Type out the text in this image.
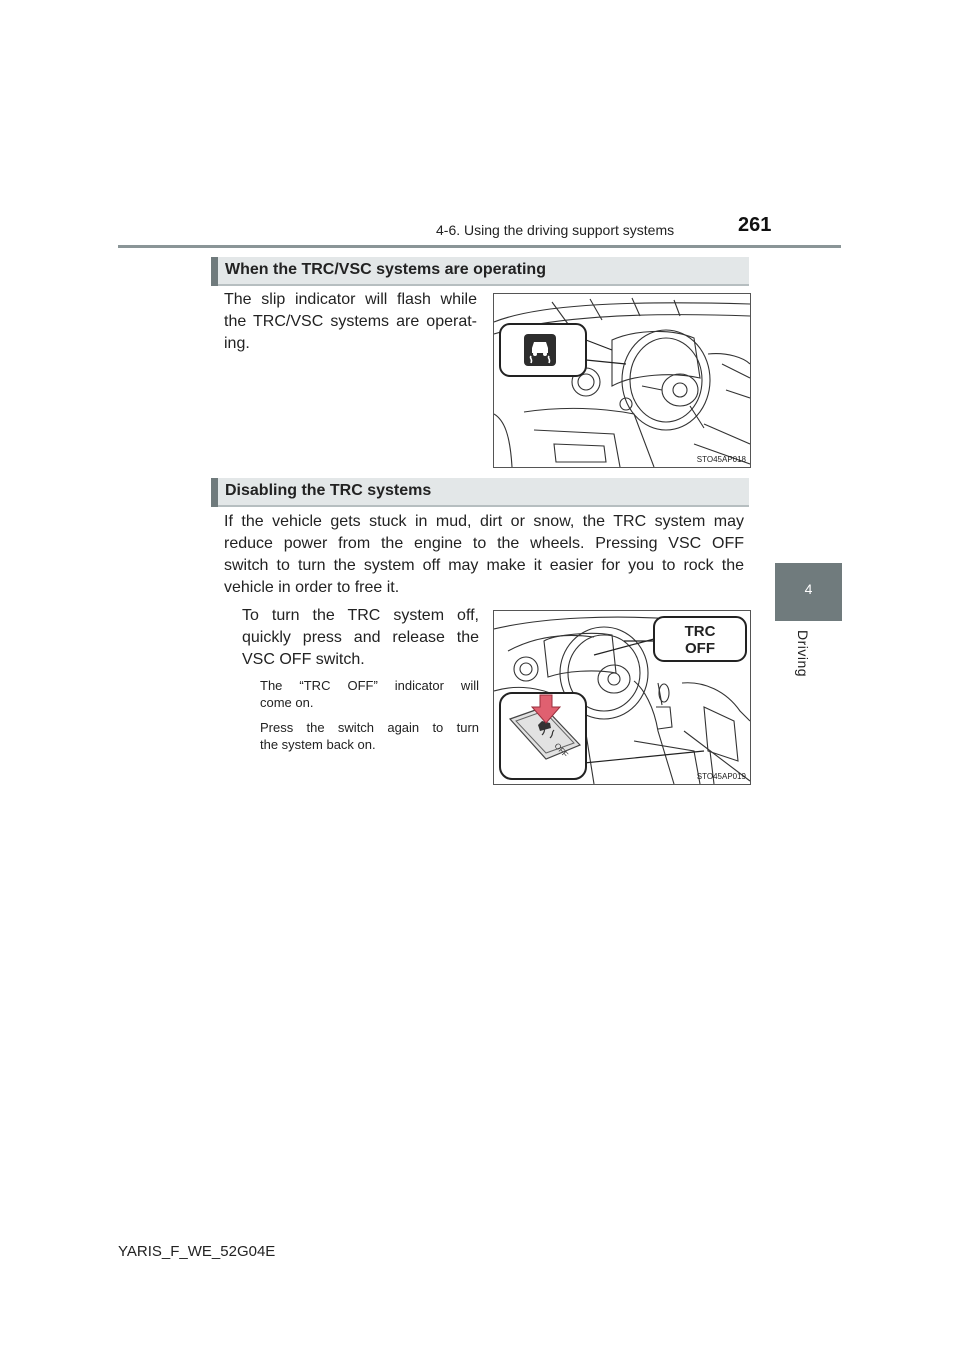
4-6. Using the driving support systems	261
4
Driving
When the TRC/VSC systems are operating
The slip indicator will flash while
the TRC/VSC systems are operat-
ing.
STO45AP018
Disabling the TRC systems
If the vehicle gets stuck in mud, dirt or snow, the TRC system may
reduce power from the engine to the wheels. Pressing VSC OFF
switch to turn the system off may make it easier for you to rock the
vehicle in order to free it.
To turn the TRC system off,
quickly press and release the
VSC OFF switch.
The “TRC OFF” indicator will
come on.
Press the switch again to turn
the system back on.	OFF
TRC
OFF
STO45AP019
YARIS_F_WE_52G04E
